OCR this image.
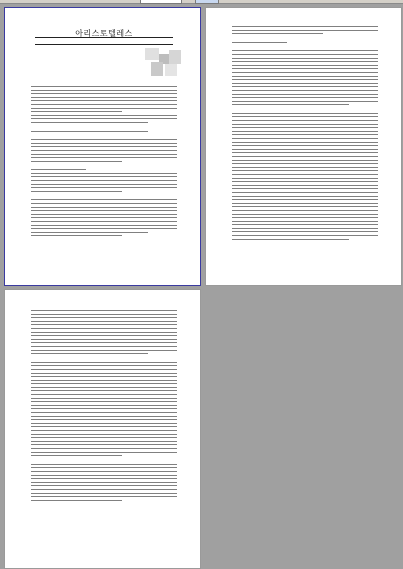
아리스토텔레스
